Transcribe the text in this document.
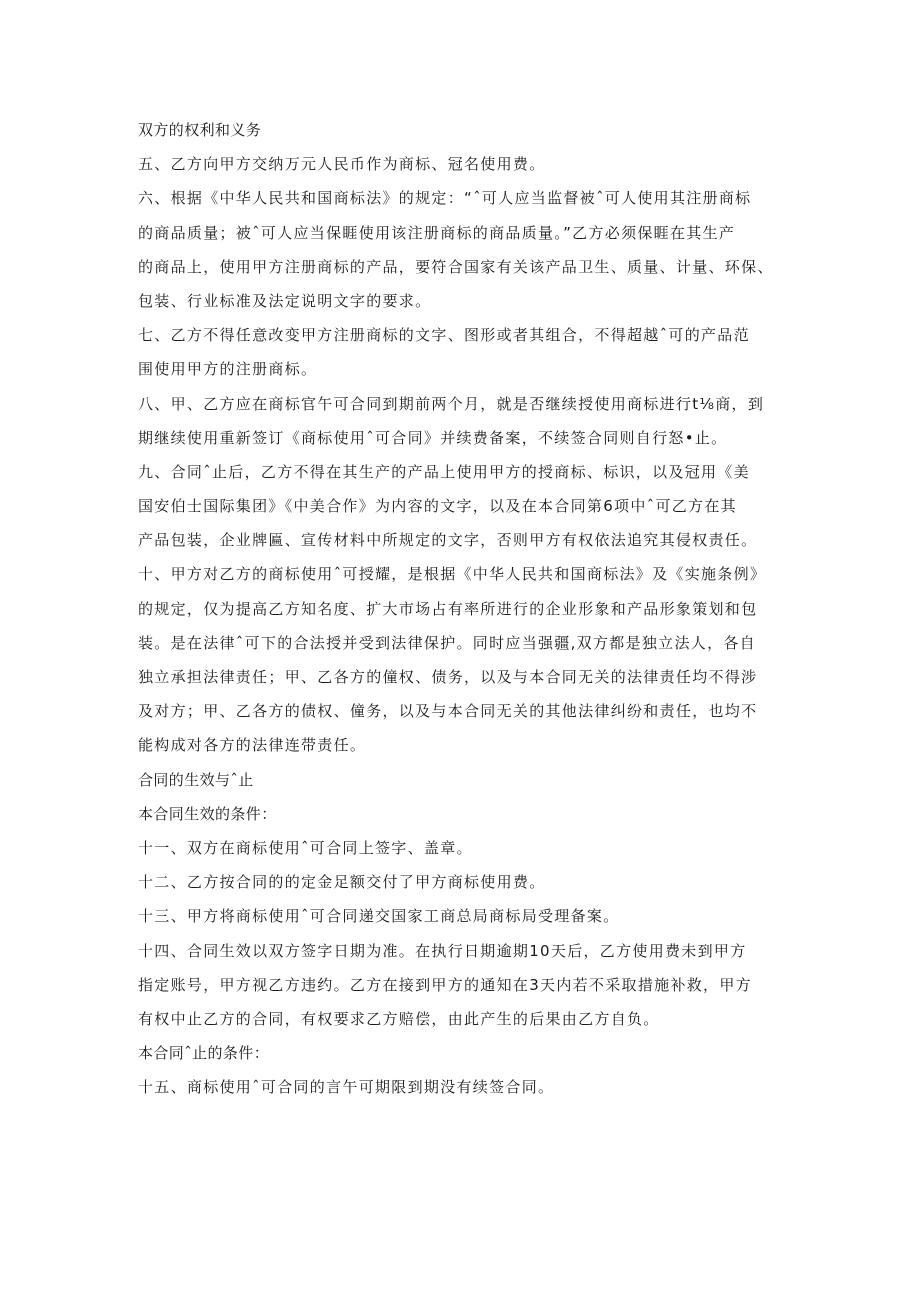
双方的权利和义务
五、乙方向甲方交纳万元人民币作为商标、冠名使用费。
六、根据《中华人民共和国商标法》的规定：“ˆ可人应当监督被ˆ可人使用其注册商标
的商品质量；被ˆ可人应当保睚使用该注册商标的商品质量。”乙方必须保睚在其生产
的商品上，使用甲方注册商标的产品，要符合国家有关该产品卫生、质量、计量、环保、
包装、行业标准及法定说明文字的要求。
七、乙方不得任意改变甲方注册商标的文字、图形或者其组合，不得超越ˆ可的产品范
围使用甲方的注册商标。
八、甲、乙方应在商标官午可合同到期前两个月，就是否继续授使用商标进行t⅛商，到
期继续使用重新签订《商标使用ˆ可合同》并续费备案，不续签合同则自行怒•止。
九、合同ˆ止后，乙方不得在其生产的产品上使用甲方的授商标、标识，以及冠用《美
国安伯士国际集团》《中美合作》为内容的文字，以及在本合同第6项中ˆ可乙方在其
产品包装，企业牌匾、宣传材料中所规定的文字，否则甲方有权依法追究其侵权责任。
十、甲方对乙方的商标使用ˆ可授耀，是根据《中华人民共和国商标法》及《实施条例》
的规定，仅为提高乙方知名度、扩大市场占有率所进行的企业形象和产品形象策划和包
装。是在法律ˆ可下的合法授并受到法律保护。同时应当强疆,双方都是独立法人，各自
独立承担法律责任；甲、乙各方的僮权、债务，以及与本合同无关的法律责任均不得涉
及对方；甲、乙各方的债权、僮务，以及与本合同无关的其他法律纠纷和责任，也均不
能构成对各方的法律连带责任。
合同的生效与ˆ止
本合同生效的条件：
十一、双方在商标使用ˆ可合同上签字、盖章。
十二、乙方按合同的的定金足额交付了甲方商标使用费。
十三、甲方将商标使用ˆ可合同递交国家工商总局商标局受理备案。
十四、合同生效以双方签字日期为准。在执行日期逾期10天后，乙方使用费未到甲方
指定账号，甲方视乙方违约。乙方在接到甲方的通知在3天内若不采取措施补救，甲方
有权中止乙方的合同，有权要求乙方赔偿，由此产生的后果由乙方自负。
本合同ˆ止的条件：
十五、商标使用ˆ可合同的言午可期限到期没有续签合同。
